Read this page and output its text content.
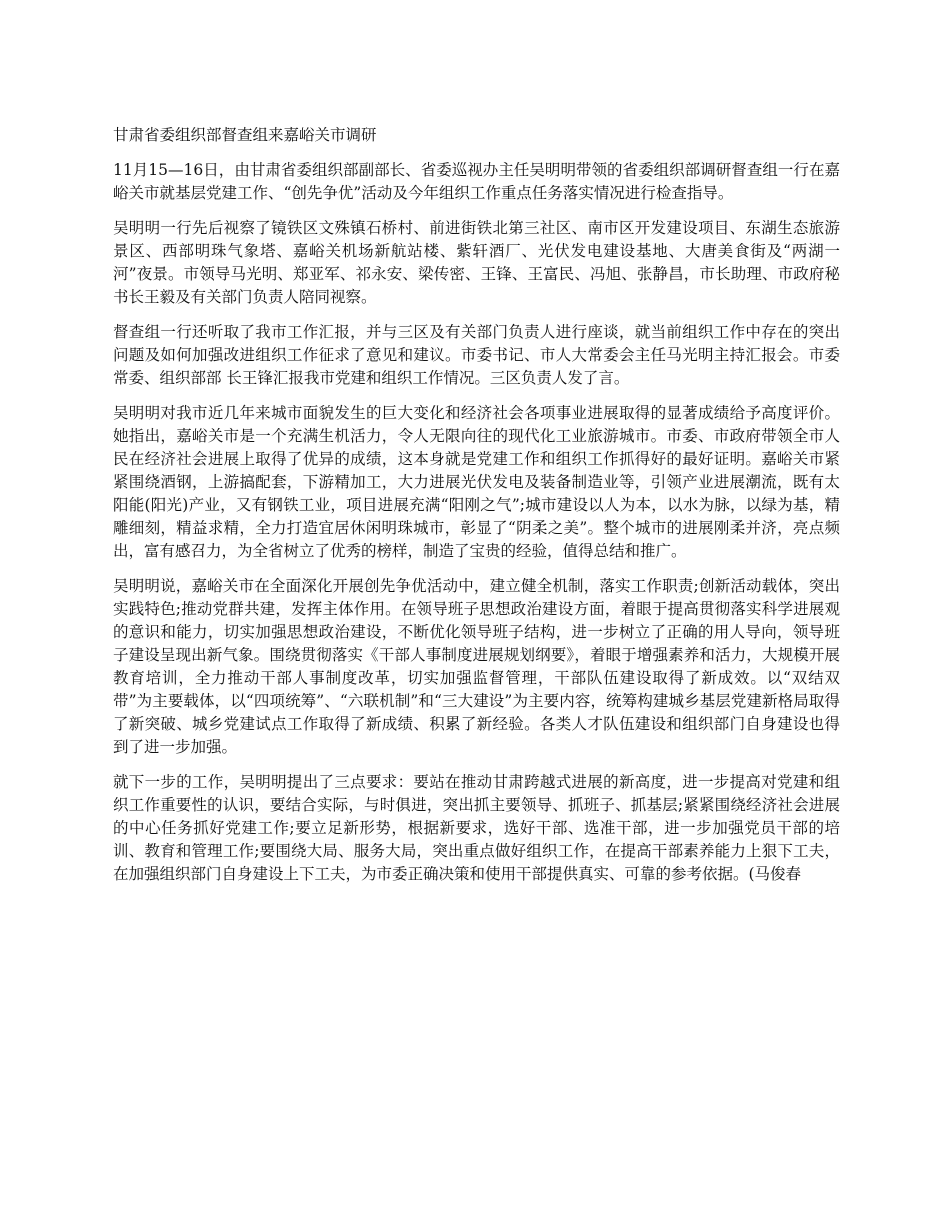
甘肃省委组织部督查组来嘉峪关市调研

11月15—16日，由甘肃省委组织部副部长、省委巡视办主任吴明明带领的省委组织部调研督查组一行在嘉峪关市就基层党建工作、“创先争优”活动及今年组织工作重点任务落实情况进行检查指导。

吴明明一行先后视察了镜铁区文殊镇石桥村、前进街铁北第三社区、南市区开发建设项目、东湖生态旅游景区、西部明珠气象塔、嘉峪关机场新航站楼、紫轩酒厂、光伏发电建设基地、大唐美食街及“两湖一河”夜景。市领导马光明、郑亚军、祁永安、梁传密、王锋、王富民、冯旭、张静昌，市长助理、市政府秘书长王毅及有关部门负责人陪同视察。

督查组一行还听取了我市工作汇报，并与三区及有关部门负责人进行座谈，就当前组织工作中存在的突出问题及如何加强改进组织工作征求了意见和建议。市委书记、市人大常委会主任马光明主持汇报会。市委常委、组织部部 长王锋汇报我市党建和组织工作情况。三区负责人发了言。

吴明明对我市近几年来城市面貌发生的巨大变化和经济社会各项事业进展取得的显著成绩给予高度评价。她指出，嘉峪关市是一个充满生机活力，令人无限向往的现代化工业旅游城市。市委、市政府带领全市人民在经济社会进展上取得了优异的成绩，这本身就是党建工作和组织工作抓得好的最好证明。嘉峪关市紧紧围绕酒钢，上游搞配套，下游精加工，大力进展光伏发电及装备制造业等，引领产业进展潮流，既有太阳能(阳光)产业，又有钢铁工业，项目进展充满“阳刚之气”;城市建设以人为本，以水为脉，以绿为基，精雕细刻，精益求精，全力打造宜居休闲明珠城市，彰显了“阴柔之美”。整个城市的进展刚柔并济，亮点频出，富有感召力，为全省树立了优秀的榜样，制造了宝贵的经验，值得总结和推广。

吴明明说，嘉峪关市在全面深化开展创先争优活动中，建立健全机制，落实工作职责;创新活动载体，突出实践特色;推动党群共建，发挥主体作用。在领导班子思想政治建设方面，着眼于提高贯彻落实科学进展观的意识和能力，切实加强思想政治建设，不断优化领导班子结构，进一步树立了正确的用人导向，领导班子建设呈现出新气象。围绕贯彻落实《干部人事制度进展规划纲要》，着眼于增强素养和活力，大规模开展教育培训，全力推动干部人事制度改革，切实加强监督管理，干部队伍建设取得了新成效。以“双结双带”为主要载体，以“四项统筹”、“六联机制”和“三大建设”为主要内容，统筹构建城乡基层党建新格局取得了新突破、城乡党建试点工作取得了新成绩、积累了新经验。各类人才队伍建设和组织部门自身建设也得到了进一步加强。

就下一步的工作，吴明明提出了三点要求：要站在推动甘肃跨越式进展的新高度，进一步提高对党建和组织工作重要性的认识，要结合实际，与时俱进，突出抓主要领导、抓班子、抓基层;紧紧围绕经济社会进展的中心任务抓好党建工作;要立足新形势，根据新要求，选好干部、选准干部，进一步加强党员干部的培训、教育和管理工作;要围绕大局、服务大局，突出重点做好组织工作，在提高干部素养能力上狠下工夫，在加强组织部门自身建设上下工夫，为市委正确决策和使用干部提供真实、可靠的参考依据。(马俊春
